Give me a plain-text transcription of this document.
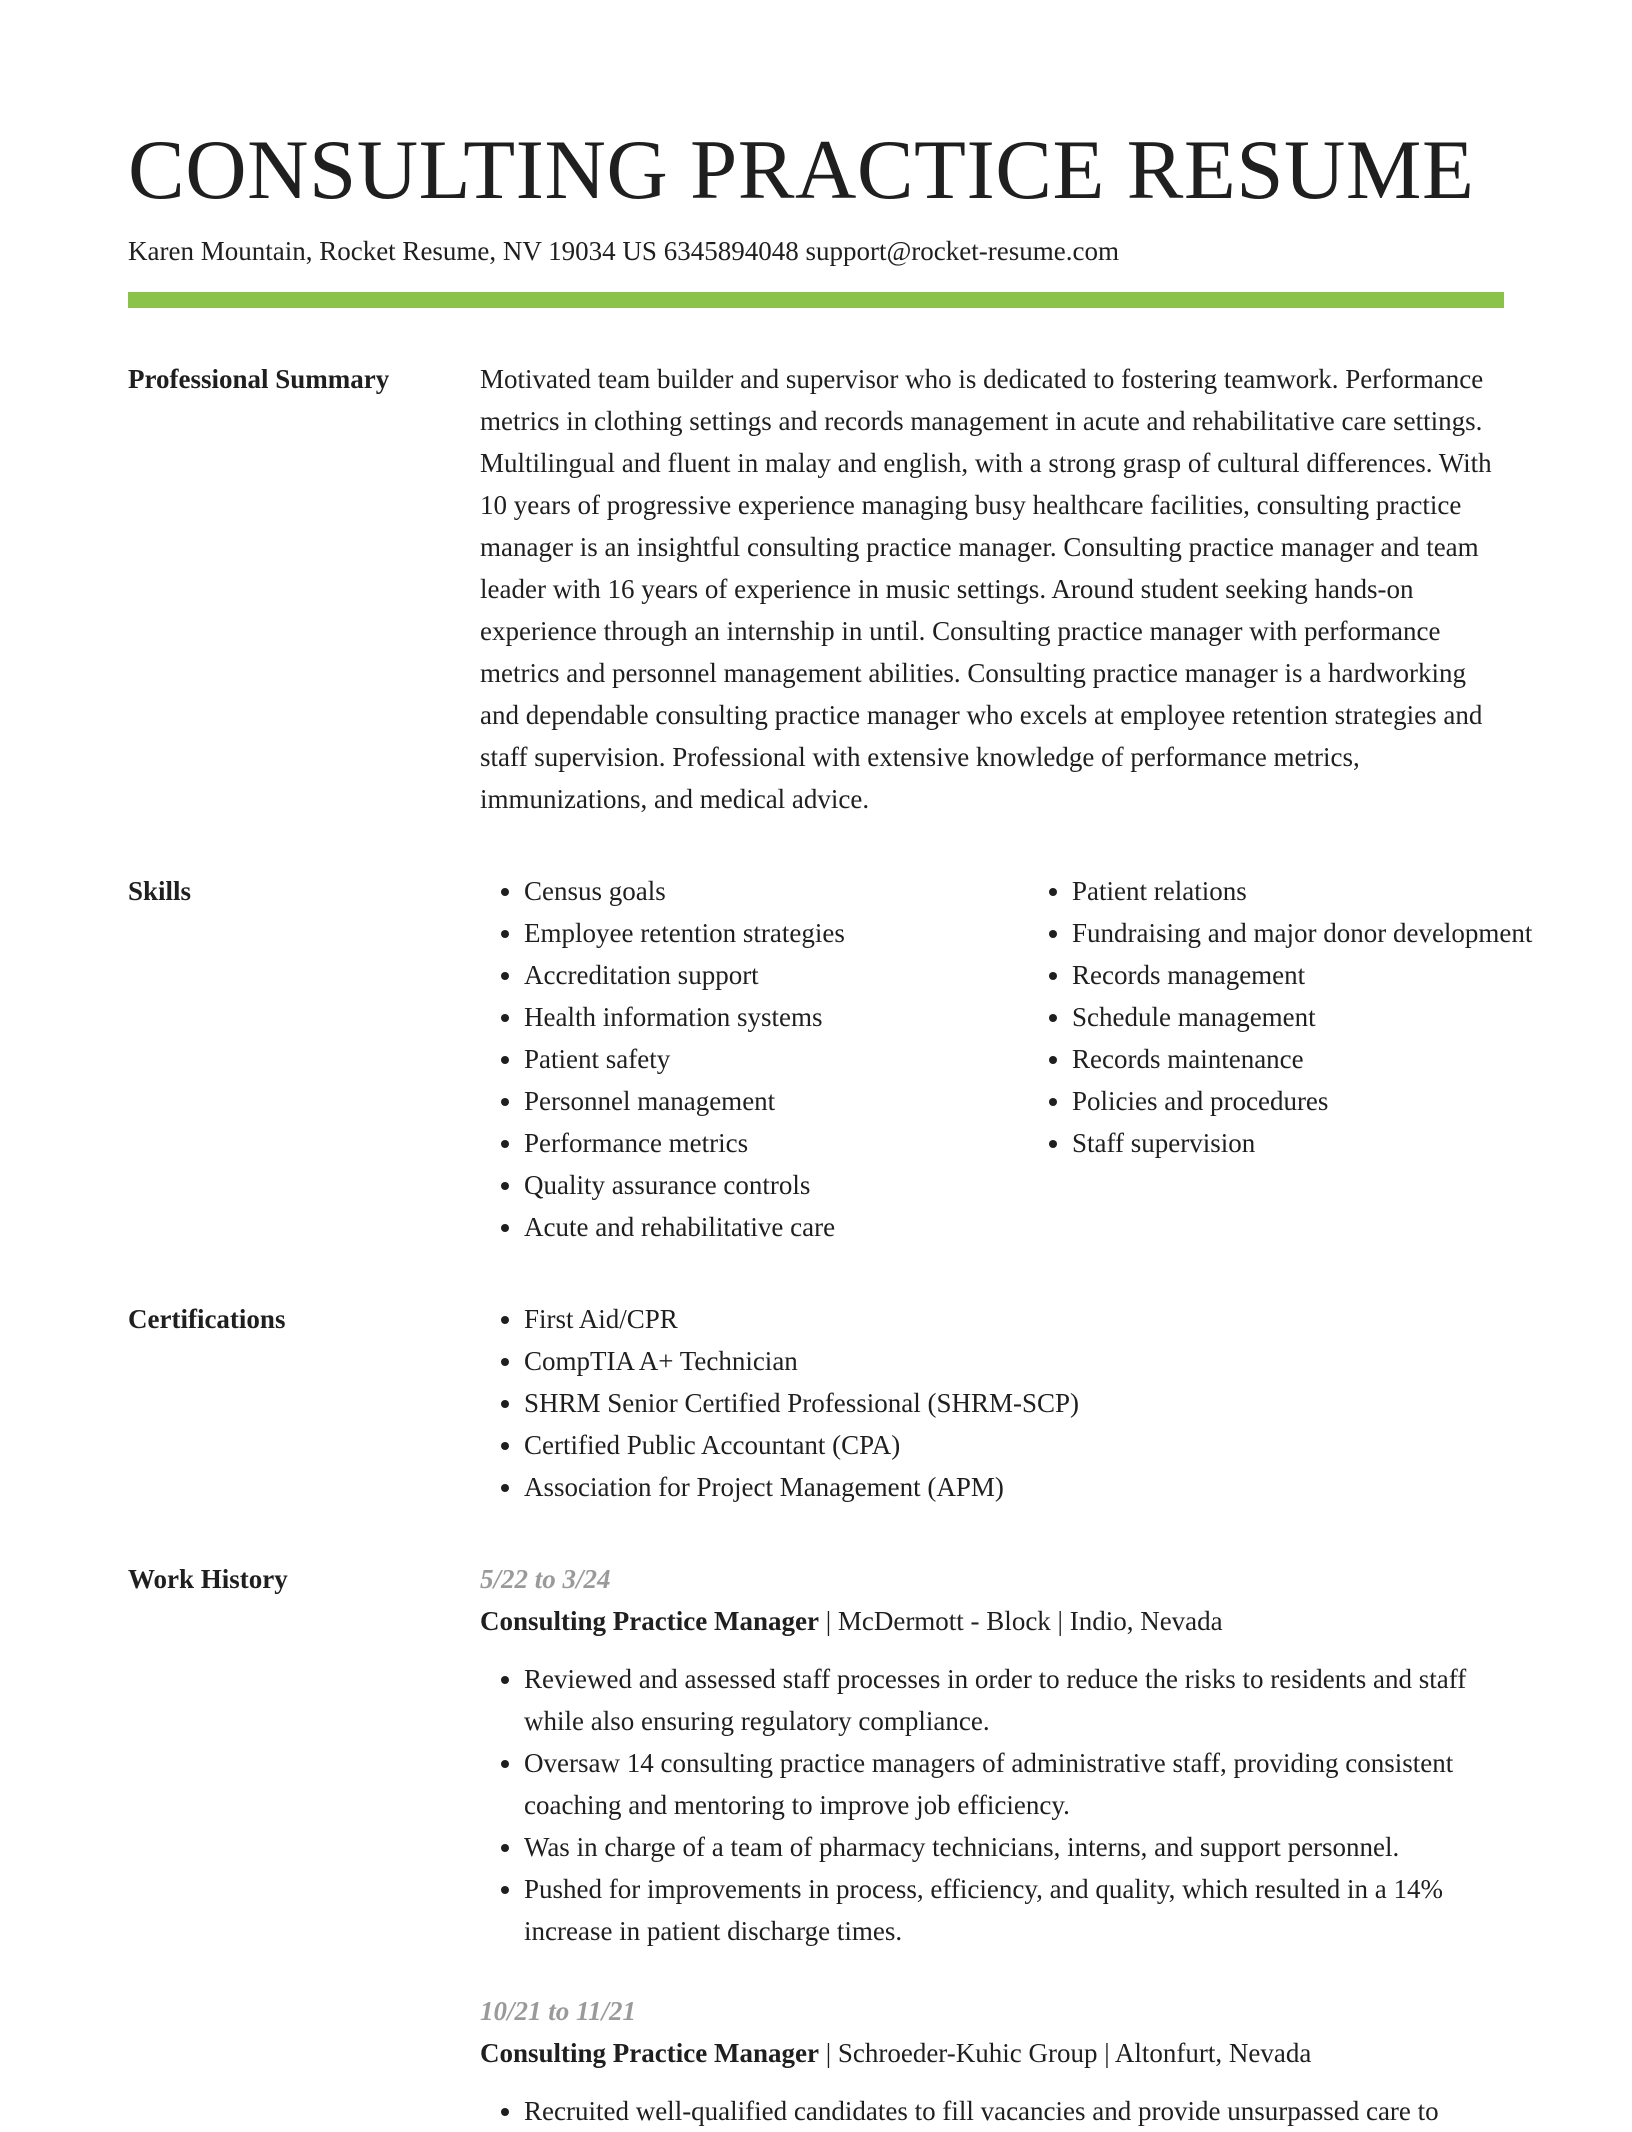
CONSULTING PRACTICE RESUME
Karen Mountain, Rocket Resume, NV 19034 US 6345894048 support@rocket-resume.com
Professional Summary	Motivated team builder and supervisor who is dedicated to fostering teamwork. Performance metrics in clothing settings and records management in acute and rehabilitative care settings. Multilingual and fluent in malay and english, with a strong grasp of cultural differences. With 10 years of progressive experience managing busy healthcare facilities, consulting practice manager is an insightful consulting practice manager. Consulting practice manager and team leader with 16 years of experience in music settings. Around student seeking hands-on experience through an internship in until. Consulting practice manager with performance metrics and personnel management abilities. Consulting practice manager is a hardworking and dependable consulting practice manager who excels at employee retention strategies and staff supervision. Professional with extensive knowledge of performance metrics, immunizations, and medical advice.

Skills	• Census goals
• Employee retention strategies
• Accreditation support
• Health information systems
• Patient safety
• Personnel management
• Performance metrics
• Quality assurance controls
• Acute and rehabilitative care
• Patient relations
• Fundraising and major donor development
• Records management
• Schedule management
• Records maintenance
• Policies and procedures
• Staff supervision
Certifications	• First Aid/CPR
• CompTIA A+ Technician
• SHRM Senior Certified Professional (SHRM-SCP)
• Certified Public Accountant (CPA)
• Association for Project Management (APM)
Work History	5/22 to 3/24
Consulting Practice Manager | McDermott - Block | Indio, Nevada
• Reviewed and assessed staff processes in order to reduce the risks to residents and staff while also ensuring regulatory compliance.
• Oversaw 14 consulting practice managers of administrative staff, providing consistent coaching and mentoring to improve job efficiency.
• Was in charge of a team of pharmacy technicians, interns, and support personnel.
• Pushed for improvements in process, efficiency, and quality, which resulted in a 14% increase in patient discharge times.
10/21 to 11/21
Consulting Practice Manager | Schroeder-Kuhic Group | Altonfurt, Nevada
• Recruited well-qualified candidates to fill vacancies and provide unsurpassed care to
